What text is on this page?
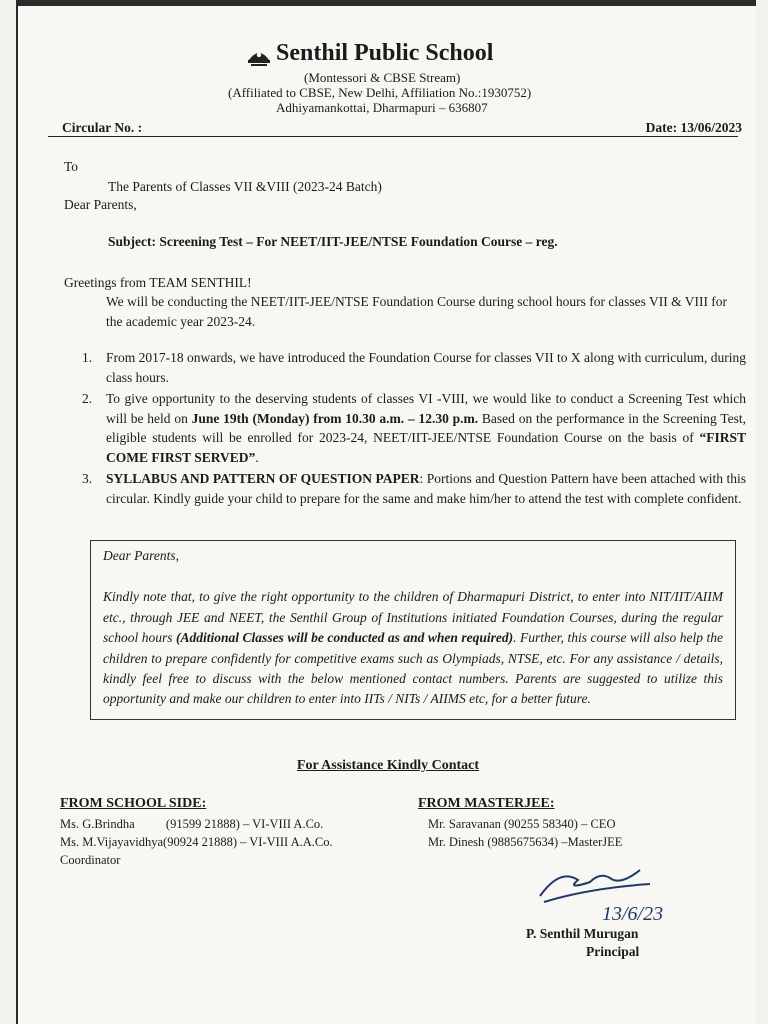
Senthil Public School
(Montessori & CBSE Stream)
(Affiliated to CBSE, New Delhi, Affiliation No.:1930752)
Adhiyamankottai, Dharmapuri – 636807
Circular No. :	Date: 13/06/2023
To
The Parents of Classes VII &VIII (2023-24 Batch)
Dear Parents,
Subject: Screening Test – For NEET/IIT-JEE/NTSE Foundation Course – reg.
Greetings from TEAM SENTHIL!
We will be conducting the NEET/IIT-JEE/NTSE Foundation Course during school hours for classes VII & VIII for the academic year 2023-24.
1. From 2017-18 onwards, we have introduced the Foundation Course for classes VII to X along with curriculum, during class hours.
2. To give opportunity to the deserving students of classes VI -VIII, we would like to conduct a Screening Test which will be held on June 19th (Monday) from 10.30 a.m. – 12.30 p.m. Based on the performance in the Screening Test, eligible students will be enrolled for 2023-24, NEET/IIT-JEE/NTSE Foundation Course on the basis of “FIRST COME FIRST SERVED”.
3. SYLLABUS AND PATTERN OF QUESTION PAPER: Portions and Question Pattern have been attached with this circular. Kindly guide your child to prepare for the same and make him/her to attend the test with complete confident.

Dear Parents,

Kindly note that, to give the right opportunity to the children of Dharmapuri District, to enter into NIT/IIT/AIIM etc., through JEE and NEET, the Senthil Group of Institutions initiated Foundation Courses, during the regular school hours (Additional Classes will be conducted as and when required). Further, this course will also help the children to prepare confidently for competitive exams such as Olympiads, NTSE, etc. For any assistance / details, kindly feel free to discuss with the below mentioned contact numbers. Parents are suggested to utilize this opportunity and make our children to enter into IITs / NITs / AIIMS etc, for a better future.

For Assistance Kindly Contact
FROM SCHOOL SIDE:
Ms. G.Brindha          (91599 21888) – VI-VIII A.Co.
Ms. M.Vijayavidhya(90924 21888) – VI-VIII A.A.Co.
Coordinator
FROM MASTERJEE:
Mr. Saravanan (90255 58340) – CEO
Mr. Dinesh (9885675634) –MasterJEE
13/6/23
P. Senthil Murugan
Principal
